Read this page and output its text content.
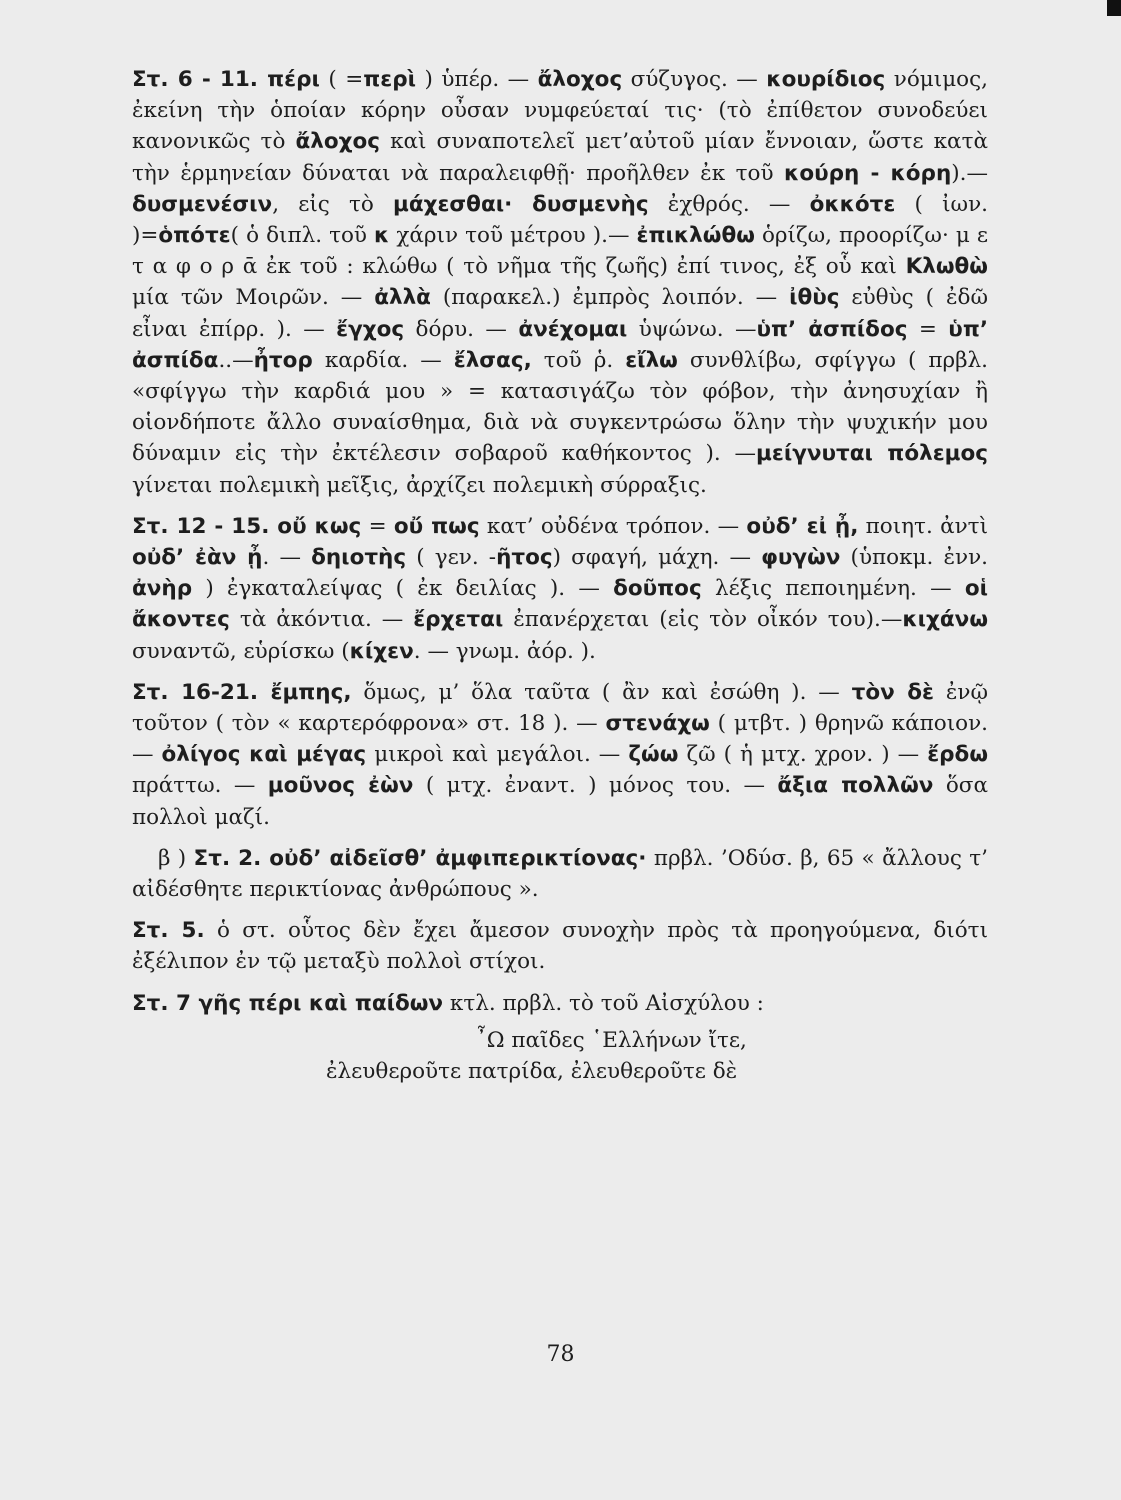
Στ. 6 - 11. πέρι ( =περὶ ) ὑπέρ. — ἄλοχος σύζυγος. — κουρίδιος νόμιμος, ἐκείνη τὴν ὁποίαν κόρην οὖσαν νυμφεύεταί τις· (τὸ ἐπίθετον συνοδεύει κανονικῶς τὸ ἄλοχος καὶ συναποτελεῖ μετ’αὐτοῦ μίαν ἔννοιαν, ὥστε κατὰ τὴν ἑρμηνείαν δύναται νὰ παραλειφθῇ· προῆλθεν ἐκ τοῦ κούρη - κόρη).—δυσμενέσιν, εἰς τὸ μάχεσθαι· δυσμενὴς ἐχθρός. — ὀκκότε ( ἰων. )=ὁπότε( ὁ διπλ. τοῦ κ χάριν τοῦ μέτρου ).— ἐπικλώθω ὁρίζω, προορίζω· μ ε τ α φ ο ρ ᾱ ἐκ τοῦ : κλώθω ( τὸ νῆμα τῆς ζωῆς) ἐπί τινος, ἐξ οὗ καὶ Κλωθὼ μία τῶν Μοιρῶν. — ἀλλὰ (παρακελ.) ἐμπρὸς λοιπόν. — ἰθὺς εὐθὺς ( ἐδῶ εἶναι ἐπίρρ. ). — ἔγχος δόρυ. — ἀνέχομαι ὑψώνω. —ὑπ’ ἀσπίδος = ὑπ’ ἀσπίδα..—ἦτορ καρδία. — ἔλσας, τοῦ ῥ. εἴλω συνθλίβω, σφίγγω ( πρβλ. «σφίγγω τὴν καρδιά μου » = κατασιγάζω τὸν φόβον, τὴν ἀνησυχίαν ἢ οἱονδήποτε ἄλλο συναίσθημα, διὰ νὰ συγκεντρώσω ὅλην τὴν ψυχικήν μου δύναμιν εἰς τὴν ἐκτέλεσιν σοβαροῦ καθήκοντος ). —μείγνυται πόλεμος γίνεται πολεμικὴ μεῖξις, ἀρχίζει πολεμικὴ σύρραξις.

Στ. 12 - 15. οὔ κως = οὔ πως κατ’ οὐδένα τρόπον. — οὐδ’ εἰ ᾖ, ποιητ. ἀντὶ οὐδ’ ἐὰν ᾖ. — δηιοτὴς ( γεν. -ῆτος) σφαγή, μάχη. — φυγὼν (ὑποκμ. ἐνν. ἀνὴρ ) ἐγκαταλείψας ( ἐκ δειλίας ). — δοῦπος λέξις πεποιημένη. — οἱ ἄκοντες τὰ ἀκόντια. — ἔρχεται ἐπανέρχεται (εἰς τὸν οἶκόν του).—κιχάνω συναντῶ, εὑρίσκω (κίχεν. — γνωμ. ἀόρ. ).

Στ. 16-21. ἔμπης, ὅμως, μ’ ὅλα ταῦτα ( ἂν καὶ ἐσώθη ). — τὸν δὲ ἐνῷ τοῦτον ( τὸν « καρτερόφρονα» στ. 18 ). — στενάχω ( μτβτ. ) θρηνῶ κάποιον. — ὀλίγος καὶ μέγας μικροὶ καὶ μεγάλοι. — ζώω ζῶ ( ἡ μτχ. χρον. ) — ἔρδω πράττω. — μοῦνος ἐὼν ( μτχ. ἐναντ. ) μόνος του. — ἄξια πολλῶν ὅσα πολλοὶ μαζί.

β ) Στ. 2. οὐδ’ αἰδεῖσθ’ ἀμφιπερικτίονας· πρβλ. ’Οδύσ. β, 65 « ἄλλους τ’ αἰδέσθητε περικτίονας ἀνθρώπους ».

Στ. 5. ὁ στ. οὗτος δὲν ἔχει ἄμεσον συνοχὴν πρὸς τὰ προηγούμενα, διότι ἐξέλιπον ἐν τῷ μεταξὺ πολλοὶ στίχοι.

Στ. 7 γῆς πέρι καὶ παίδων κτλ. πρβλ. τὸ τοῦ Αἰσχύλου :

῏Ω παῖδες ῾Ελλήνων ἴτε,
ἐλευθεροῦτε πατρίδα, ἐλευθεροῦτε δὲ
78
